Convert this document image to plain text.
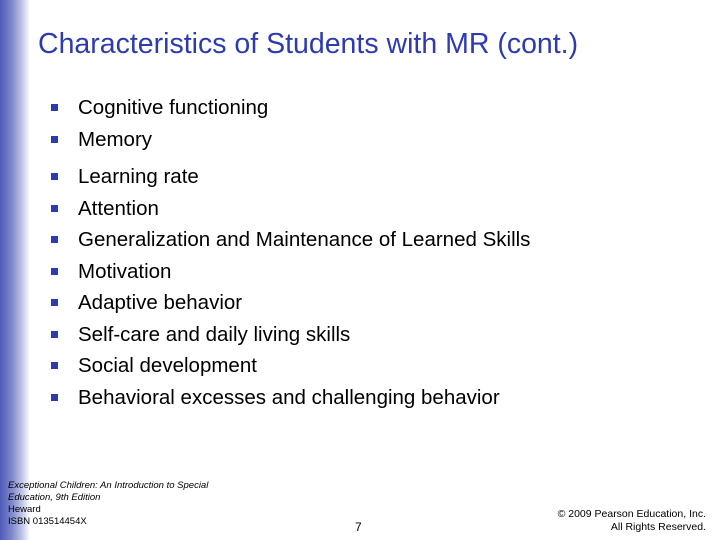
Characteristics of Students with MR (cont.)
Cognitive functioning
Memory
Learning rate
Attention
Generalization and Maintenance of Learned Skills
Motivation
Adaptive behavior
Self-care and daily living skills
Social development
Behavioral excesses and challenging behavior
Exceptional Children: An Introduction to Special Education, 9th Edition
Heward
ISBN 013514454X	7
© 2009 Pearson Education, Inc.
All Rights Reserved.
